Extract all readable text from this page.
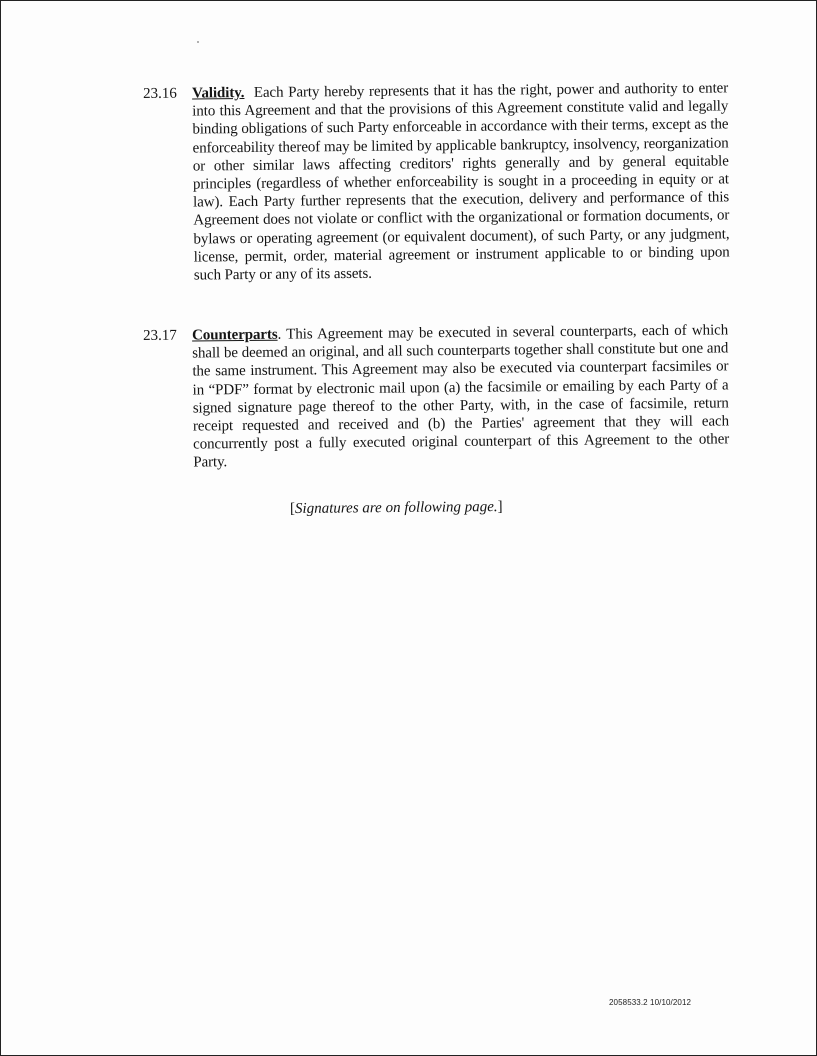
23.16 Validity. Each Party hereby represents that it has the right, power and authority to enter into this Agreement and that the provisions of this Agreement constitute valid and legally binding obligations of such Party enforceable in accordance with their terms, except as the enforceability thereof may be limited by applicable bankruptcy, insolvency, reorganization or other similar laws affecting creditors' rights generally and by general equitable principles (regardless of whether enforceability is sought in a proceeding in equity or at law). Each Party further represents that the execution, delivery and performance of this Agreement does not violate or conflict with the organizational or formation documents, or bylaws or operating agreement (or equivalent document), of such Party, or any judgment, license, permit, order, material agreement or instrument applicable to or binding upon such Party or any of its assets.
23.17 Counterparts. This Agreement may be executed in several counterparts, each of which shall be deemed an original, and all such counterparts together shall constitute but one and the same instrument. This Agreement may also be executed via counterpart facsimiles or in “PDF” format by electronic mail upon (a) the facsimile or emailing by each Party of a signed signature page thereof to the other Party, with, in the case of facsimile, return receipt requested and received and (b) the Parties' agreement that they will each concurrently post a fully executed original counterpart of this Agreement to the other Party.
[Signatures are on following page.]
2058533.2 10/10/2012
